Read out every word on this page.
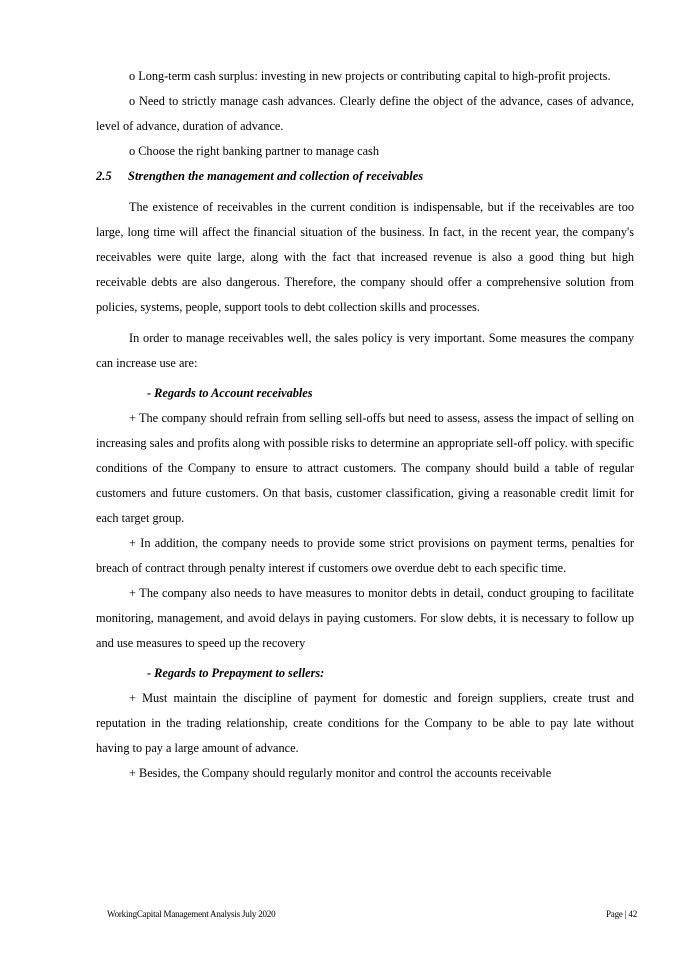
o Long-term cash surplus: investing in new projects or contributing capital to high-profit projects.

o Need to strictly manage cash advances. Clearly define the object of the advance, cases of advance, level of advance, duration of advance.

o Choose the right banking partner to manage cash

2.5 Strengthen the management and collection of receivables

The existence of receivables in the current condition is indispensable, but if the receivables are too large, long time will affect the financial situation of the business. In fact, in the recent year, the company's receivables were quite large, along with the fact that increased revenue is also a good thing but high receivable debts are also dangerous. Therefore, the company should offer a comprehensive solution from policies, systems, people, support tools to debt collection skills and processes.

In order to manage receivables well, the sales policy is very important. Some measures the company can increase use are:

- Regards to Account receivables

+ The company should refrain from selling sell-offs but need to assess, assess the impact of selling on increasing sales and profits along with possible risks to determine an appropriate sell-off policy. with specific conditions of the Company to ensure to attract customers. The company should build a table of regular customers and future customers. On that basis, customer classification, giving a reasonable credit limit for each target group.

+ In addition, the company needs to provide some strict provisions on payment terms, penalties for breach of contract through penalty interest if customers owe overdue debt to each specific time.

+ The company also needs to have measures to monitor debts in detail, conduct grouping to facilitate monitoring, management, and avoid delays in paying customers. For slow debts, it is necessary to follow up and use measures to speed up the recovery

- Regards to Prepayment to sellers:

+ Must maintain the discipline of payment for domestic and foreign suppliers, create trust and reputation in the trading relationship, create conditions for the Company to be able to pay late without having to pay a large amount of advance.

+ Besides, the Company should regularly monitor and control the accounts receivable

WorkingCapital Management Analysis July 2020	Page | 42
